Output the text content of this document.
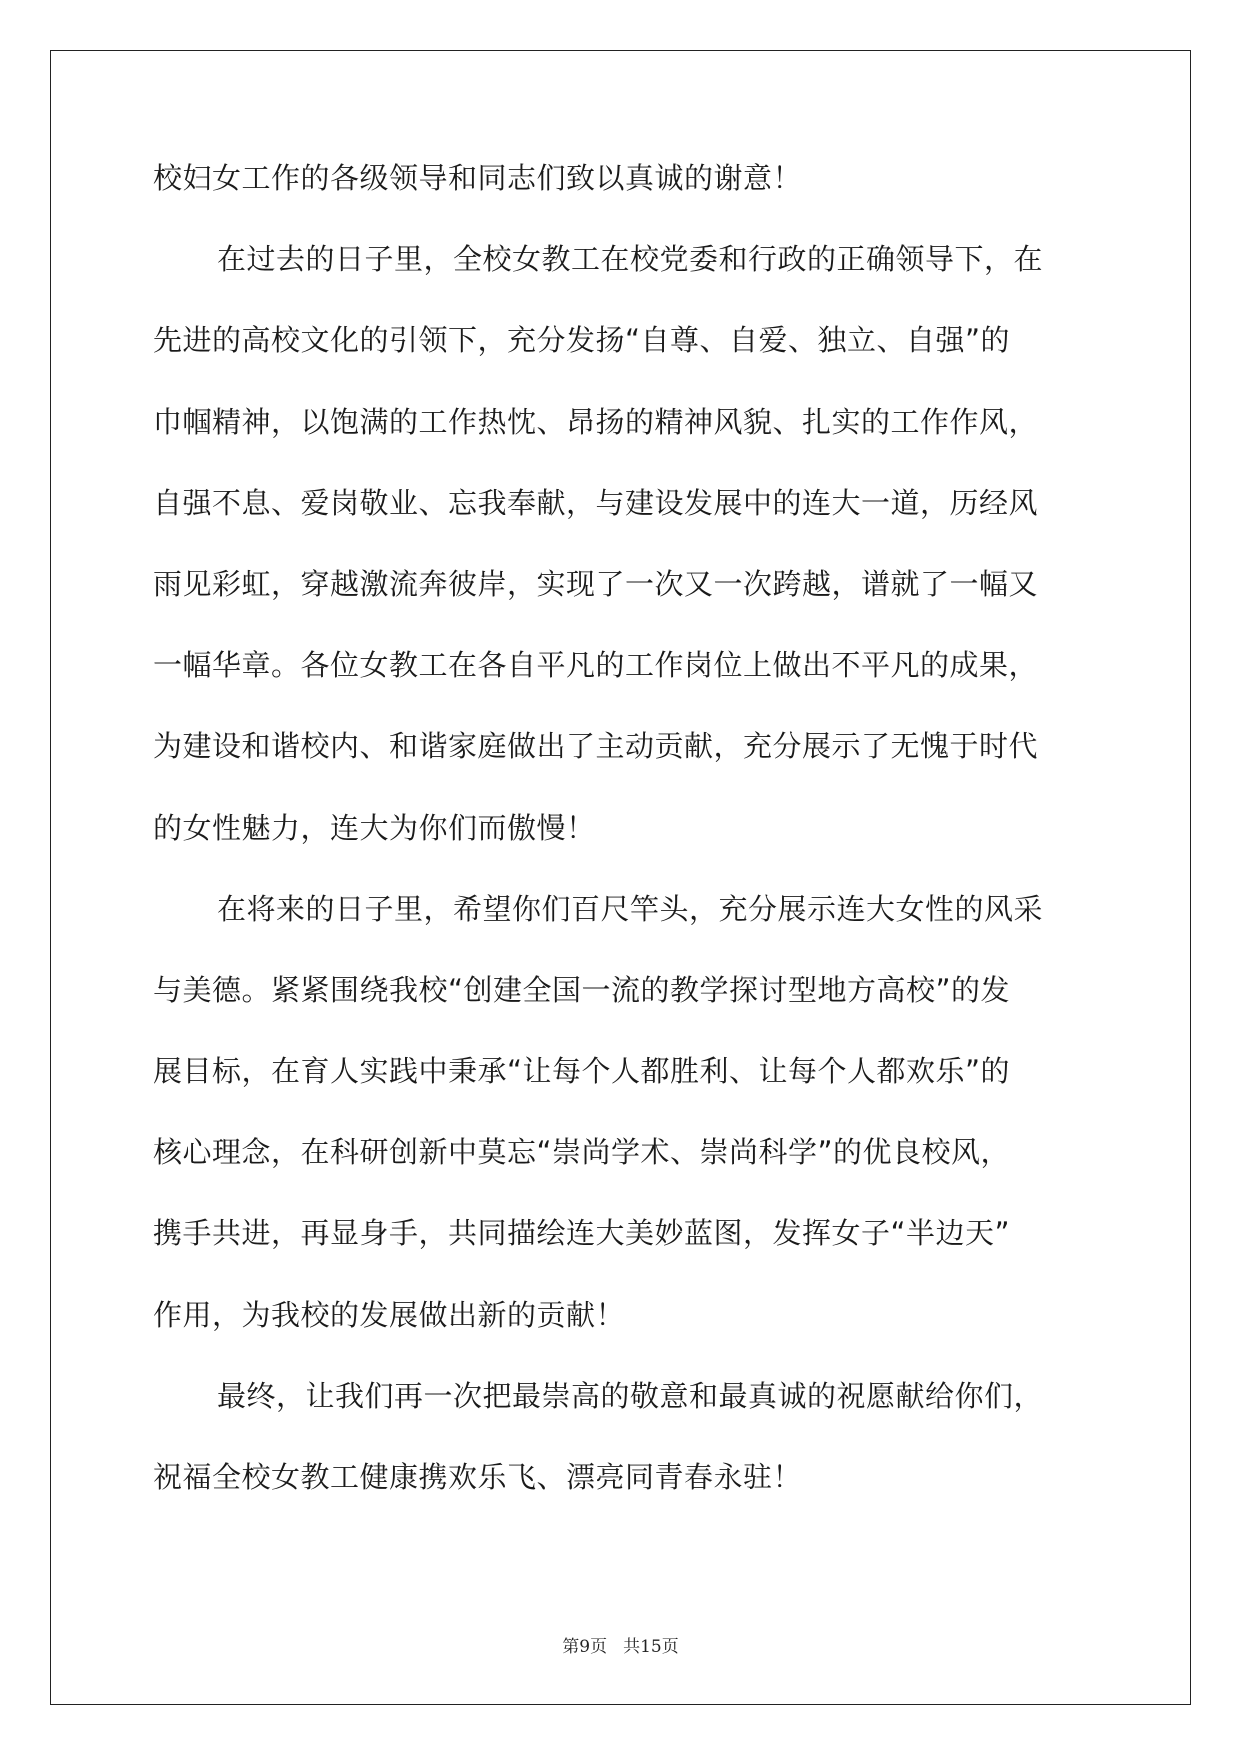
校妇女工作的各级领导和同志们致以真诚的谢意！
在过去的日子里，全校女教工在校党委和行政的正确领导下，在
先进的高校文化的引领下，充分发扬“自尊、自爱、独立、自强”的
巾帼精神，以饱满的工作热忱、昂扬的精神风貌、扎实的工作作风，
自强不息、爱岗敬业、忘我奉献，与建设发展中的连大一道，历经风
雨见彩虹，穿越激流奔彼岸，实现了一次又一次跨越，谱就了一幅又
一幅华章。各位女教工在各自平凡的工作岗位上做出不平凡的成果，
为建设和谐校内、和谐家庭做出了主动贡献，充分展示了无愧于时代
的女性魅力，连大为你们而傲慢！
在将来的日子里，希望你们百尺竿头，充分展示连大女性的风采
与美德。紧紧围绕我校“创建全国一流的教学探讨型地方高校”的发
展目标，在育人实践中秉承“让每个人都胜利、让每个人都欢乐”的
核心理念，在科研创新中莫忘“崇尚学术、崇尚科学”的优良校风，
携手共进，再显身手，共同描绘连大美妙蓝图，发挥女子“半边天”
作用，为我校的发展做出新的贡献！
最终，让我们再一次把最崇高的敬意和最真诚的祝愿献给你们，
祝福全校女教工健康携欢乐飞、漂亮同青春永驻！
第9页 共15页
